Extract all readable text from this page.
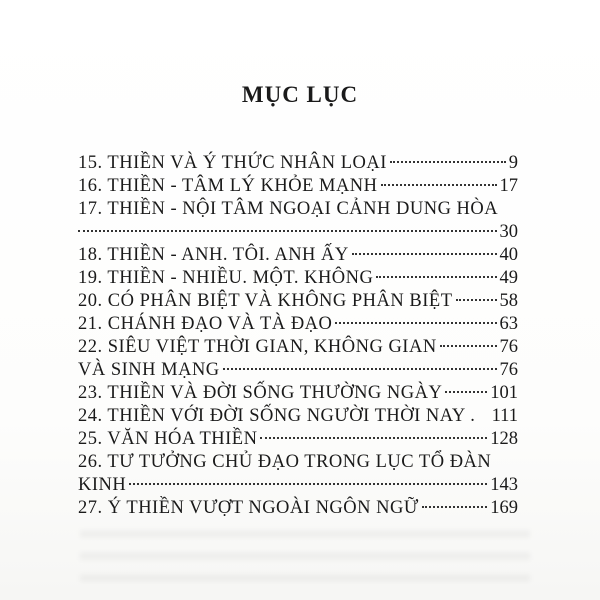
MỤC LỤC
15. THIỀN VÀ Ý THỨC NHÂN LOẠI	9
16. THIỀN - TÂM LÝ KHỎE MẠNH	17
17. THIỀN - NỘI TÂM NGOẠI CẢNH DUNG HÒA
30
18. THIỀN - ANH. TÔI. ANH ẤY	40
19. THIỀN - NHIỀU. MỘT. KHÔNG	49
20. CÓ PHÂN BIỆT VÀ KHÔNG PHÂN BIỆT	58
21. CHÁNH ĐẠO VÀ TÀ ĐẠO	63
22. SIÊU VIỆT THỜI GIAN, KHÔNG GIAN	76
VÀ SINH MẠNG	76
23. THIỀN VÀ ĐỜI SỐNG THƯỜNG NGÀY	101
24. THIỀN VỚI ĐỜI SỐNG NGƯỜI THỜI NAY . 111
25. VĂN HÓA THIỀN	128
26. TƯ TƯỞNG CHỦ ĐẠO TRONG LỤC TỔ ĐÀN
KINH	143
27. Ý THIỀN VƯỢT NGOÀI NGÔN NGỮ	169
